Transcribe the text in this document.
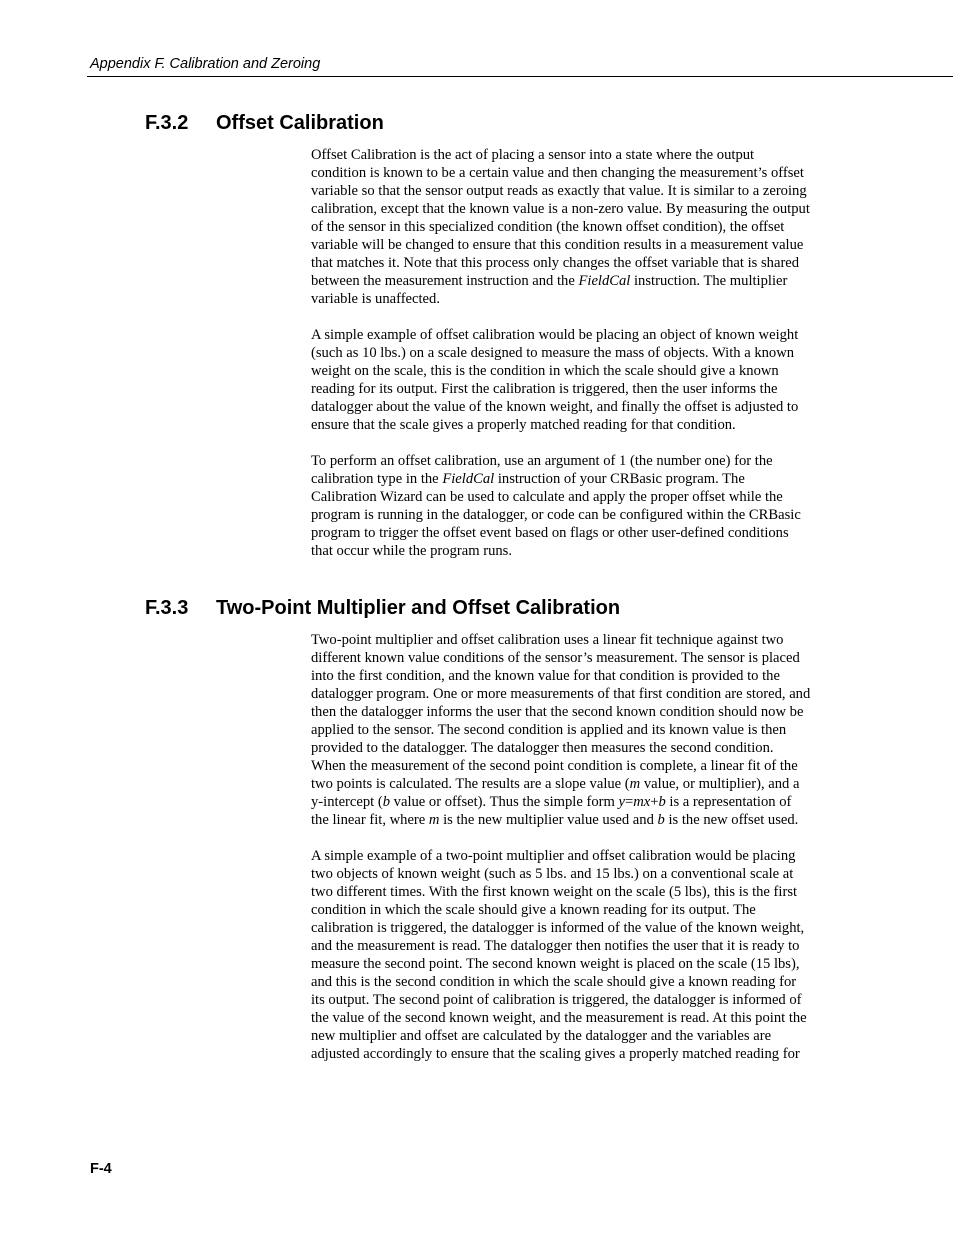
Appendix F. Calibration and Zeroing
F.3.2 Offset Calibration

Offset Calibration is the act of placing a sensor into a state where the output condition is known to be a certain value and then changing the measurement’s offset variable so that the sensor output reads as exactly that value. It is similar to a zeroing calibration, except that the known value is a non-zero value. By measuring the output of the sensor in this specialized condition (the known offset condition), the offset variable will be changed to ensure that this condition results in a measurement value that matches it. Note that this process only changes the offset variable that is shared between the measurement instruction and the FieldCal instruction. The multiplier variable is unaffected.

A simple example of offset calibration would be placing an object of known weight (such as 10 lbs.) on a scale designed to measure the mass of objects. With a known weight on the scale, this is the condition in which the scale should give a known reading for its output. First the calibration is triggered, then the user informs the datalogger about the value of the known weight, and finally the offset is adjusted to ensure that the scale gives a properly matched reading for that condition.

To perform an offset calibration, use an argument of 1 (the number one) for the calibration type in the FieldCal instruction of your CRBasic program. The Calibration Wizard can be used to calculate and apply the proper offset while the program is running in the datalogger, or code can be configured within the CRBasic program to trigger the offset event based on flags or other user-defined conditions that occur while the program runs.

F.3.3 Two-Point Multiplier and Offset Calibration

Two-point multiplier and offset calibration uses a linear fit technique against two different known value conditions of the sensor’s measurement. The sensor is placed into the first condition, and the known value for that condition is provided to the datalogger program. One or more measurements of that first condition are stored, and then the datalogger informs the user that the second known condition should now be applied to the sensor. The second condition is applied and its known value is then provided to the datalogger. The datalogger then measures the second condition. When the measurement of the second point condition is complete, a linear fit of the two points is calculated. The results are a slope value (m value, or multiplier), and a y-intercept (b value or offset). Thus the simple form y=mx+b is a representation of the linear fit, where m is the new multiplier value used and b is the new offset used.

A simple example of a two-point multiplier and offset calibration would be placing two objects of known weight (such as 5 lbs. and 15 lbs.) on a conventional scale at two different times. With the first known weight on the scale (5 lbs), this is the first condition in which the scale should give a known reading for its output. The calibration is triggered, the datalogger is informed of the value of the known weight, and the measurement is read. The datalogger then notifies the user that it is ready to measure the second point. The second known weight is placed on the scale (15 lbs), and this is the second condition in which the scale should give a known reading for its output. The second point of calibration is triggered, the datalogger is informed of the value of the second known weight, and the measurement is read. At this point the new multiplier and offset are calculated by the datalogger and the variables are adjusted accordingly to ensure that the scaling gives a properly matched reading for

F-4
